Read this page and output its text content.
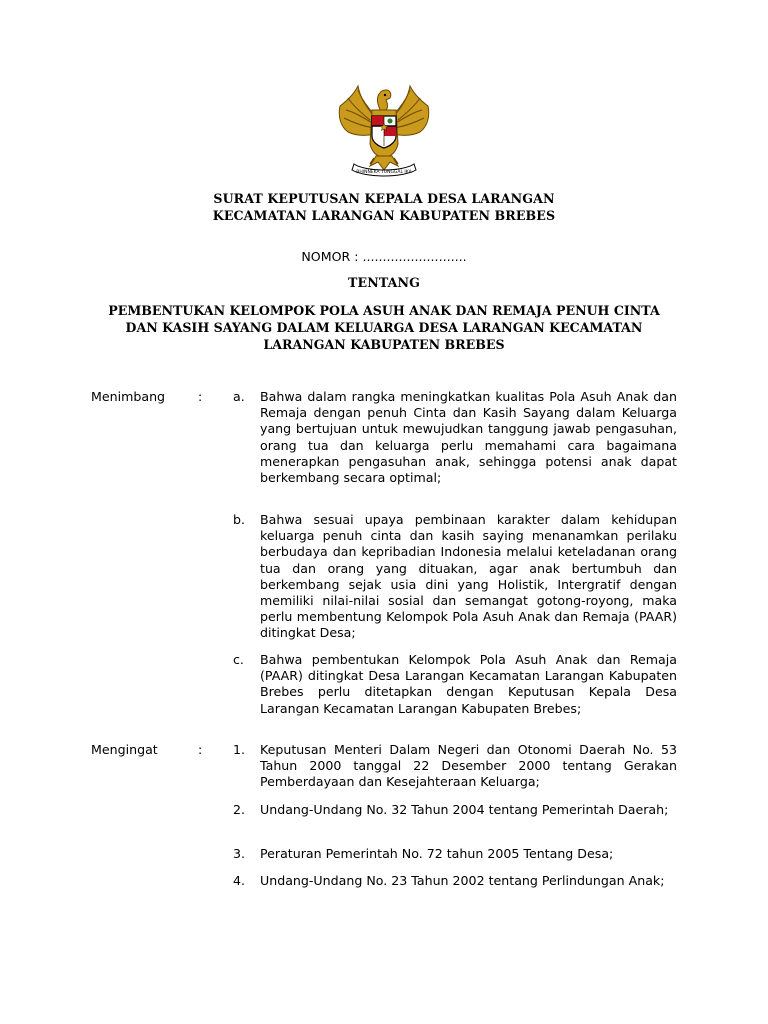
BHINNEKA TUNGGAL IKA
SURAT KEPUTUSAN KEPALA DESA LARANGAN
KECAMATAN LARANGAN KABUPATEN BREBES
NOMOR : ..........................
TENTANG
PEMBENTUKAN KELOMPOK POLA ASUH ANAK DAN REMAJA PENUH CINTA DAN KASIH SAYANG DALAM KELUARGA DESA LARANGAN KECAMATAN LARANGAN KABUPATEN BREBES
Menimbang	: a. Bahwa dalam rangka meningkatkan kualitas Pola Asuh Anak dan Remaja dengan penuh Cinta dan Kasih Sayang dalam Keluarga yang bertujuan untuk mewujudkan tanggung jawab pengasuhan, orang tua dan keluarga perlu memahami cara bagaimana menerapkan pengasuhan anak, sehingga potensi anak dapat berkembang secara optimal;
b. Bahwa sesuai upaya pembinaan karakter dalam kehidupan keluarga penuh cinta dan kasih saying menanamkan perilaku berbudaya dan kepribadian Indonesia melalui keteladanan orang tua dan orang yang dituakan, agar anak bertumbuh dan berkembang sejak usia dini yang Holistik, Intergratif dengan memiliki nilai-nilai sosial dan semangat gotong-royong, maka perlu membentung Kelompok Pola Asuh Anak dan Remaja (PAAR) ditingkat Desa;
c. Bahwa pembentukan Kelompok Pola Asuh Anak dan Remaja (PAAR) ditingkat Desa Larangan Kecamatan Larangan Kabupaten Brebes perlu ditetapkan dengan Keputusan Kepala Desa Larangan Kecamatan Larangan Kabupaten Brebes;
Mengingat	: 1. Keputusan Menteri Dalam Negeri dan Otonomi Daerah No. 53 Tahun 2000 tanggal 22 Desember 2000 tentang Gerakan Pemberdayaan dan Kesejahteraan Keluarga;
2. Undang-Undang No. 32 Tahun 2004 tentang Pemerintah Daerah;
3. Peraturan Pemerintah No. 72 tahun 2005 Tentang Desa;
4. Undang-Undang No. 23 Tahun 2002 tentang Perlindungan Anak;
